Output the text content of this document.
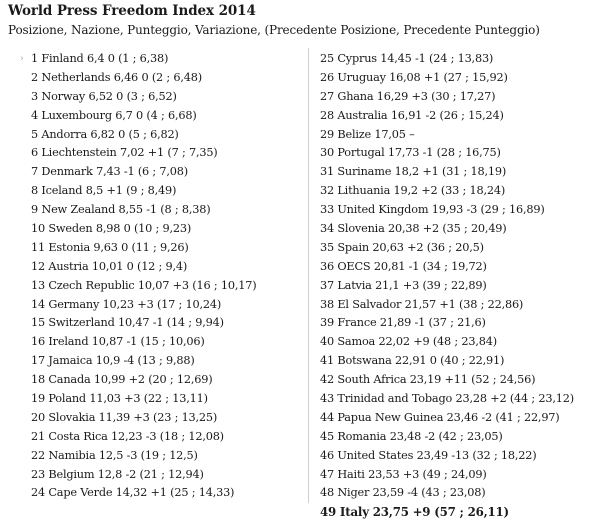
World Press Freedom Index 2014
Posizione, Nazione, Punteggio, Variazione, (Precedente Posizione, Precedente Punteggio)
› 1 Finland 6,4 0 (1 ; 6,38)
2 Netherlands 6,46 0 (2 ; 6,48)
3 Norway 6,52 0 (3 ; 6,52)
4 Luxembourg 6,7 0 (4 ; 6,68)
5 Andorra 6,82 0 (5 ; 6,82)
6 Liechtenstein 7,02 +1 (7 ; 7,35)
7 Denmark 7,43 -1 (6 ; 7,08)
8 Iceland 8,5 +1 (9 ; 8,49)
9 New Zealand 8,55 -1 (8 ; 8,38)
10 Sweden 8,98 0 (10 ; 9,23)
11 Estonia 9,63 0 (11 ; 9,26)
12 Austria 10,01 0 (12 ; 9,4)
13 Czech Republic 10,07 +3 (16 ; 10,17)
14 Germany 10,23 +3 (17 ; 10,24)
15 Switzerland 10,47 -1 (14 ; 9,94)
16 Ireland 10,87 -1 (15 ; 10,06)
17 Jamaica 10,9 -4 (13 ; 9,88)
18 Canada 10,99 +2 (20 ; 12,69)
19 Poland 11,03 +3 (22 ; 13,11)
20 Slovakia 11,39 +3 (23 ; 13,25)
21 Costa Rica 12,23 -3 (18 ; 12,08)
22 Namibia 12,5 -3 (19 ; 12,5)
23 Belgium 12,8 -2 (21 ; 12,94)
24 Cape Verde 14,32 +1 (25 ; 14,33)
25 Cyprus 14,45 -1 (24 ; 13,83)
26 Uruguay 16,08 +1 (27 ; 15,92)
27 Ghana 16,29 +3 (30 ; 17,27)
28 Australia 16,91 -2 (26 ; 15,24)
29 Belize 17,05 –
30 Portugal 17,73 -1 (28 ; 16,75)
31 Suriname 18,2 +1 (31 ; 18,19)
32 Lithuania 19,2 +2 (33 ; 18,24)
33 United Kingdom 19,93 -3 (29 ; 16,89)
34 Slovenia 20,38 +2 (35 ; 20,49)
35 Spain 20,63 +2 (36 ; 20,5)
36 OECS 20,81 -1 (34 ; 19,72)
37 Latvia 21,1 +3 (39 ; 22,89)
38 El Salvador 21,57 +1 (38 ; 22,86)
39 France 21,89 -1 (37 ; 21,6)
40 Samoa 22,02 +9 (48 ; 23,84)
41 Botswana 22,91 0 (40 ; 22,91)
42 South Africa 23,19 +11 (52 ; 24,56)
43 Trinidad and Tobago 23,28 +2 (44 ; 23,12)
44 Papua New Guinea 23,46 -2 (41 ; 22,97)
45 Romania 23,48 -2 (42 ; 23,05)
46 United States 23,49 -13 (32 ; 18,22)
47 Haiti 23,53 +3 (49 ; 24,09)
48 Niger 23,59 -4 (43 ; 23,08)
49 Italy 23,75 +9 (57 ; 26,11)
